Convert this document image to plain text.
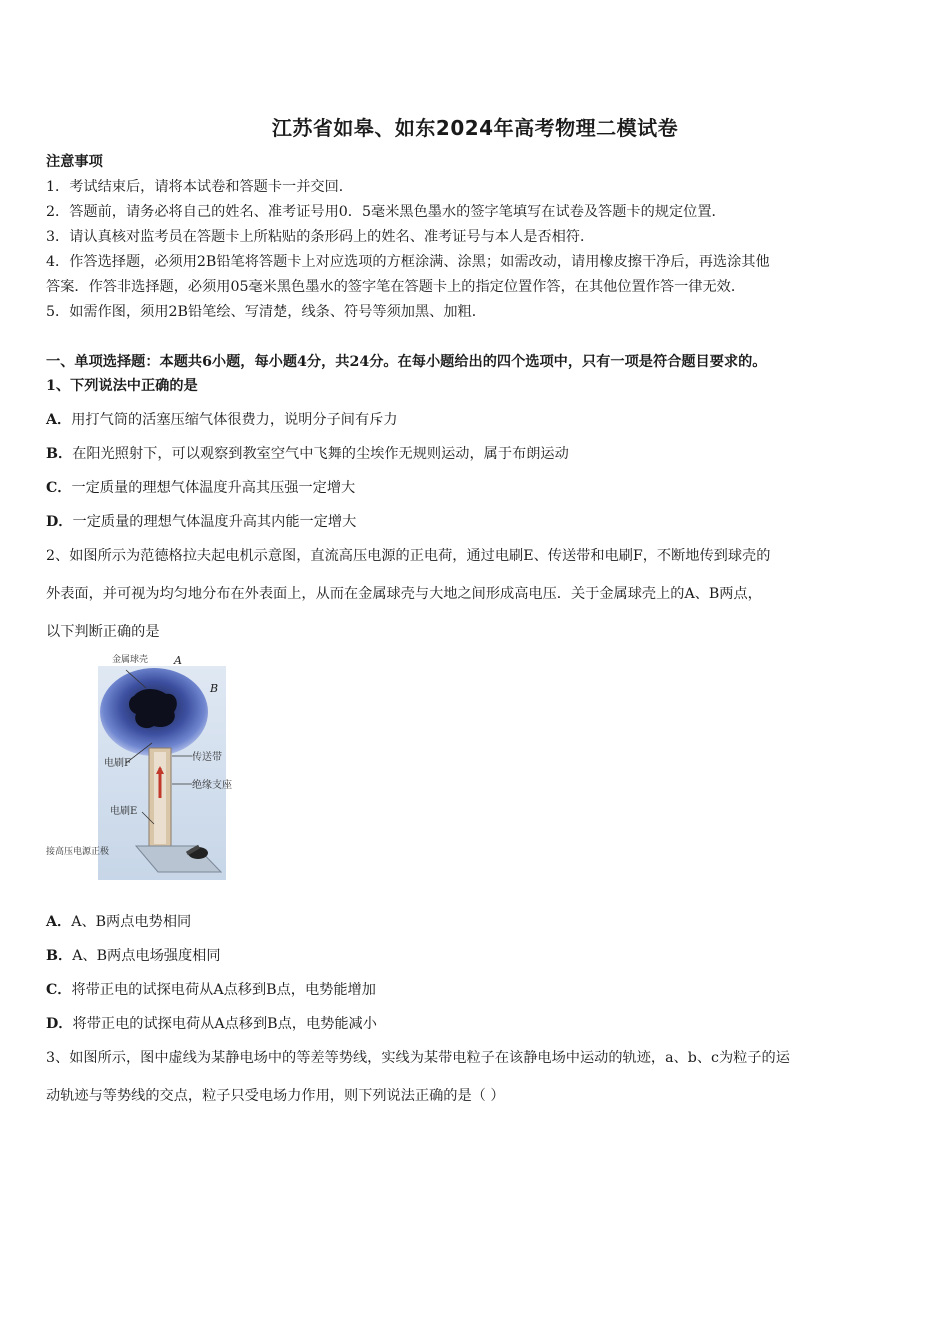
江苏省如皋、如东2024年高考物理二模试卷
注意事项
1．考试结束后，请将本试卷和答题卡一并交回．
2．答题前，请务必将自己的姓名、准考证号用0．5毫米黑色墨水的签字笔填写在试卷及答题卡的规定位置．
3．请认真核对监考员在答题卡上所粘贴的条形码上的姓名、准考证号与本人是否相符．
4．作答选择题，必须用2B铅笔将答题卡上对应选项的方框涂满、涂黑；如需改动，请用橡皮擦干净后，再选涂其他
答案．作答非选择题，必须用05毫米黑色墨水的签字笔在答题卡上的指定位置作答，在其他位置作答一律无效．
5．如需作图，须用2B铅笔绘、写清楚，线条、符号等须加黑、加粗．
一、单项选择题：本题共6小题，每小题4分，共24分。在每小题给出的四个选项中，只有一项是符合题目要求的。
1、下列说法中正确的是
A．用打气筒的活塞压缩气体很费力，说明分子间有斥力
B．在阳光照射下，可以观察到教室空气中飞舞的尘埃作无规则运动，属于布朗运动
C．一定质量的理想气体温度升高其压强一定增大
D．一定质量的理想气体温度升高其内能一定增大
2、如图所示为范德格拉夫起电机示意图，直流高压电源的正电荷，通过电刷E、传送带和电刷F，不断地传到球壳的
外表面，并可视为均匀地分布在外表面上，从而在金属球壳与大地之间形成高电压．关于金属球壳上的A、B两点，
以下判断正确的是
金属球壳 A
B
电刷F
传送带
绝缘支座
电刷E
接高压电源正极
A．A、B两点电势相同
B．A、B两点电场强度相同
C．将带正电的试探电荷从A点移到B点，电势能增加
D．将带正电的试探电荷从A点移到B点，电势能减小
3、如图所示，图中虚线为某静电场中的等差等势线，实线为某带电粒子在该静电场中运动的轨迹，a、b、c为粒子的运
动轨迹与等势线的交点，粒子只受电场力作用，则下列说法正确的是（ ）
